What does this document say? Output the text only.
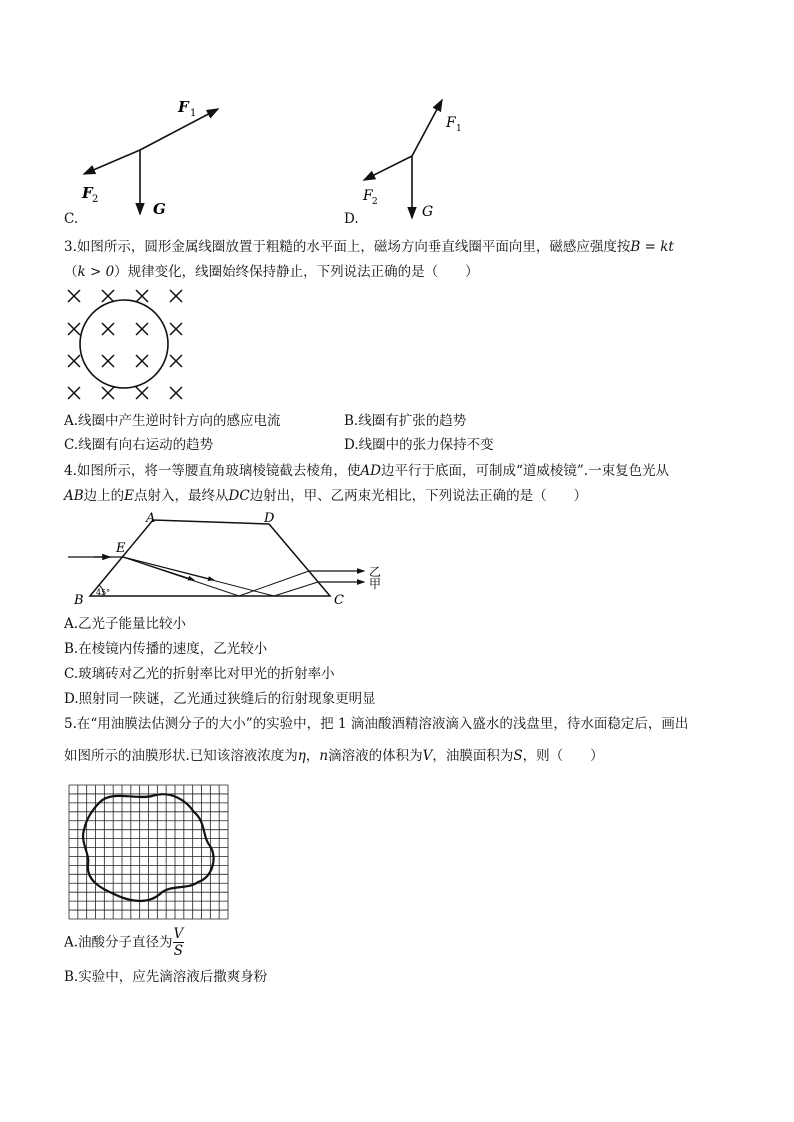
F 1
F 2
G
C.
F 1
F 2
G
D.
3.如图所示，圆形金属线圈放置于粗糙的水平面上，磁场方向垂直线圈平面向里，磁感应强度按B = kt
（k > 0）规律变化，线圈始终保持静止，下列说法正确的是（　　）
A.线圈中产生逆时针方向的感应电流	B.线圈有扩张的趋势
C.线圈有向右运动的趋势	D.线圈中的张力保持不变
4.如图所示，将一等腰直角玻璃棱镜截去棱角，使AD边平行于底面，可制成“道威棱镜”.一束复色光从
AB边上的E点射入，最终从DC边射出，甲、乙两束光相比，下列说法正确的是（　　）
A	D
E
B	C
45°
乙
甲
A.乙光子能量比较小
B.在棱镜内传播的速度，乙光较小
C.玻璃砖对乙光的折射率比对甲光的折射率小
D.照射同一陕谜，乙光通过狭缝后的衍射现象更明显
5.在“用油膜法估测分子的大小”的实验中，把 1 滴油酸酒精溶液滴入盛水的浅盘里，待水面稳定后，画出
如图所示的油膜形状.已知该溶液浓度为η，n滴溶液的体积为V，油膜面积为S，则（　　）
A.油酸分子直径为 $\frac{V}{S}$
B.实验中，应先滴溶液后撒爽身粉
